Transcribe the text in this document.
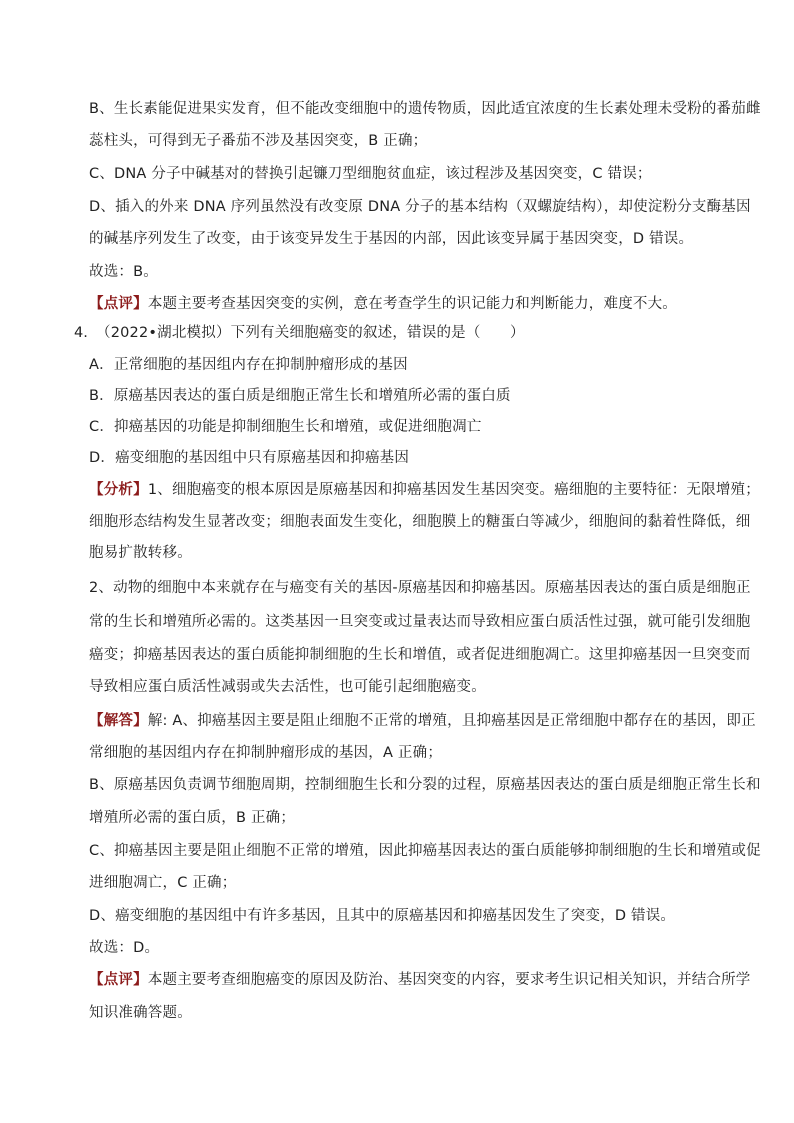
B、生长素能促进果实发育，但不能改变细胞中的遗传物质，因此适宜浓度的生长素处理未受粉的番茄雌
蕊柱头，可得到无子番茄不涉及基因突变，B 正确；
C、DNA 分子中碱基对的替换引起镰刀型细胞贫血症，该过程涉及基因突变，C 错误；
D、插入的外来 DNA 序列虽然没有改变原 DNA 分子的基本结构（双螺旋结构），却使淀粉分支酶基因
的碱基序列发生了改变，由于该变异发生于基因的内部，因此该变异属于基因突变，D 错误。
故选：B。
【点评】本题主要考查基因突变的实例，意在考查学生的识记能力和判断能力，难度不大。
4. （2022•湖北模拟）下列有关细胞癌变的叙述，错误的是（　　）
A．正常细胞的基因组内存在抑制肿瘤形成的基因
B．原癌基因表达的蛋白质是细胞正常生长和增殖所必需的蛋白质
C．抑癌基因的功能是抑制细胞生长和增殖，或促进细胞凋亡
D．癌变细胞的基因组中只有原癌基因和抑癌基因
【分析】1、细胞癌变的根本原因是原癌基因和抑癌基因发生基因突变。癌细胞的主要特征：无限增殖；
细胞形态结构发生显著改变；细胞表面发生变化，细胞膜上的糖蛋白等减少，细胞间的黏着性降低，细
胞易扩散转移。
2、动物的细胞中本来就存在与癌变有关的基因-原癌基因和抑癌基因。原癌基因表达的蛋白质是细胞正
常的生长和增殖所必需的。这类基因一旦突变或过量表达而导致相应蛋白质活性过强，就可能引发细胞
癌变；抑癌基因表达的蛋白质能抑制细胞的生长和增值，或者促进细胞凋亡。这里抑癌基因一旦突变而
导致相应蛋白质活性减弱或失去活性，也可能引起细胞癌变。
【解答】解: A、抑癌基因主要是阻止细胞不正常的增殖，且抑癌基因是正常细胞中都存在的基因，即正
常细胞的基因组内存在抑制肿瘤形成的基因，A 正确；
B、原癌基因负责调节细胞周期，控制细胞生长和分裂的过程，原癌基因表达的蛋白质是细胞正常生长和
增殖所必需的蛋白质，B 正确；
C、抑癌基因主要是阻止细胞不正常的增殖，因此抑癌基因表达的蛋白质能够抑制细胞的生长和增殖或促
进细胞凋亡，C 正确；
D、癌变细胞的基因组中有许多基因，且其中的原癌基因和抑癌基因发生了突变，D 错误。
故选：D。
【点评】本题主要考查细胞癌变的原因及防治、基因突变的内容，要求考生识记相关知识，并结合所学
知识准确答题。
